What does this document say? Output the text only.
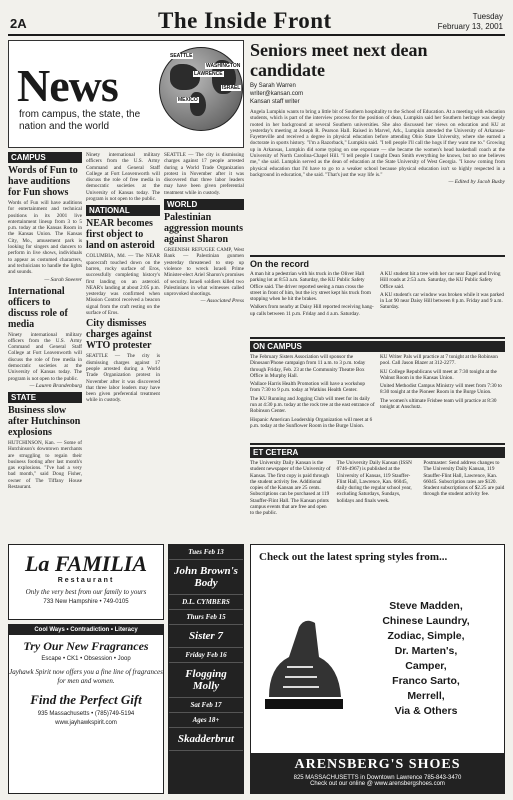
2A	The Inside Front	Tuesday
February 13, 2001
News
from campus, the state, the nation and the world
SEATTLE
LAWRENCE
WASHINGTON
MEXICO
ISRAEL
CAMPUS
Words of Fun to have auditions for Fun shows
Words of Fun will have auditions for entertainment and technical positions in its 2001 live entertainment lineup from 3 to 5 p.m. today at the Kansas Room in the Kansas Union. The Kansas City, Mo., amusement park is looking for singers and dancers to perform in live shows, individuals to appear as costumed characters, and technicians to handle the lights and sounds.
— Sarah Sneerer
International officers to discuss role of media
Ninety international military officers from the U.S. Army Command and General Staff College at Fort Leavenworth will discuss the role of free media in democratic societies at the University of Kansas today. The program is not open to the public.
— Lauren Brandenburg
STATE
Business slow after Hutchinson explosions
HUTCHINSON, Kan. — Some of Hutchinson's downtown merchants are struggling to regain their business footing after last month's gas explosions. "I've had a very bad month," said Doug Fisher, owner of The Tiffany House Restaurant.
Ninety international military officers from the U.S. Army Command and General Staff College at Fort Leavenworth will discuss the role of free media in democratic societies at the University of Kansas today. The program is not open to the public.
NATIONAL
NEAR becomes first object to land on asteroid
COLUMBIA, Md. — The NEAR spacecraft touched down on the barren, rocky surface of Eros, successfully completing history's first landing on an asteroid. NEAR's landing at about 2:05 p.m. yesterday was confirmed when Mission Control received a beacon signal from the craft resting on the surface of Eros.
City dismisses charges against WTO protester
SEATTLE — The city is dismissing charges against 17 people arrested during a World Trade Organization protest in November after it was discovered that three labor leaders may have been given preferential treatment while in custody.
SEATTLE — The city is dismissing charges against 17 people arrested during a World Trade Organization protest in November after it was discovered that three labor leaders may have been given preferential treatment while in custody.
WORLD
Palestinian aggression mounts against Sharon
GREENISH REFUGEE CAMP, West Bank — Palestinian gunmen yesterday threatened to step up violence to wreck Israeli Prime Minister-elect Ariel Sharon's promises of security. Israeli soldiers killed two Palestinians in what witnesses called unprovoked shootings.
— Associated Press
Seniors meet next dean candidate
By Sarah Warren
writer@kansan.com
Kansan staff writer
Angela Lumpkin wants to bring a little bit of Southern hospitality to the School of Education. At a meeting with education students, which is part of the interview process for the position of dean, Lumpkin said her Southern heritage was deeply rooted in her background at several Southern universities. She also discussed her views on education and KU at yesterday's meeting at Joseph R. Pearson Hall. Raised in Marvel, Ark., Lumpkin attended the University of Arkansas-Fayetteville and received a degree in physical education before attending Ohio State University, where she earned a doctorate in sports history. "I'm a Razorback," Lumpkin said. "I tell people I'll call the hogs if they want me to." Growing up in Arkansas, Lumpkin did some typing on one exposure — she became the women's head basketball coach at the University of North Carolina-Chapel Hill. "I tell people I taught Dean Smith everything he knows, but no one believes me," she said. Lumpkin served as the dean of education at the State University of West Georgia. "I know coming from physical education that I'd have to go to a weaker school because physical education isn't so highly respected in a background in education," she said. "That's just the way life is."
— Edited by Jacob Busby
On the record
A man hit a pedestrian with his truck in the Oliver Hall parking lot at 8:53 a.m. Saturday, the KU Public Safety Office said. The driver reported seeing a man cross the street in front of him, but the icy street kept his truck from stopping when he hit the brakes.
Walkers from nearby at Daisy Hill reported receiving hang-up calls between 11 p.m. Friday and 4 a.m. Saturday.
A KU student hit a tree with her car near Engel and Irving Hill roads at 2:53 a.m. Saturday, the KU Public Safety Office said.
A KU student's car window was broken while it was parked in Lot 90 near Daisy Hill between 8 p.m. Friday and 9 a.m. Saturday.
ON CAMPUS
The February Sisters Association will sponsor the Dinosaur/Phone campaign from 11 a.m. to 3 p.m. today through Friday, Feb. 23 at the Community Theatre Box Office in Murphy Hall.
Wallace Harris Health Promotion will have a workshop from 7:30 to 9 p.m. today at Watkins Health Center.
The KU Running and Jogging Club will meet for its daily run at 4:30 p.m. today at the rock tree at the east entrance of Robinson Center.
Hispanic American Leadership Organization will meet at 6 p.m. today at the Sunflower Room in the Burge Union.
KU Writer Pals will practice at 7 tonight at the Robinson pool. Call Jason Blazer at 312-2277.
KU College Republicans will meet at 7:30 tonight at the Walnut Room in the Kansas Union.
United Methodist Campus Ministry will meet from 7:30 to 8:30 tonight at the Pioneer Room in the Burge Union.
The women's ultimate Frisbee team will practice at 8:30 tonight at Anschutz.
ET CETERA
The University Daily Kansan is the student newspaper of the University of Kansas. The first copy is paid through the student activity fee. Additional copies of the Kansan are 25 cents. Subscriptions can be purchased at 119 Stauffer-Flint Hall. The Kansan prints campus events that are free and open to the public.
The University Daily Kansan (ISSN 0746-4967) is published at the University of Kansas, 119 Stauffer-Flint Hall, Lawrence, Kan. 66045, daily during the regular school year, excluding Saturdays, Sundays, holidays and finals week.
Postmaster: Send address changes to The University Daily Kansan, 119 Stauffer-Flint Hall, Lawrence, Kan. 66045. Subscription rates are $120. Student subscriptions of $2.25 are paid through the student activity fee.
La FAMILIA
Restaurant
Only the very best from our family to yours
733 New Hampshire • 749-0105
Cool Ways • Contradiction • Literacy
Try Our New Fragrances
Escape • CK1 • Obsession • Joop
Jayhawk Spirit now offers you a fine line of fragrances for men and women.
Find the Perfect Gift
935 Massachusetts • (785)749-5194
www.jayhawkspirit.com
Tues Feb 13
John Brown's Body
D.L. CYMBERS
Thurs Feb 15
Sister 7
Friday Feb 16
Flogging Molly
Sat Feb 17
Ages 18+
Skadderbrut
Check out the latest spring styles from...
Steve Madden,
Chinese Laundry,
Zodiac, Simple,
Dr. Marten's,
Camper,
Franco Sarto,
Merrell,
Via & Others
ARENSBERG'S SHOES
825 MASSACHUSETTS in Downtown Lawrence 785-843-3470
Check out our online @ www.arensbergshoes.com
